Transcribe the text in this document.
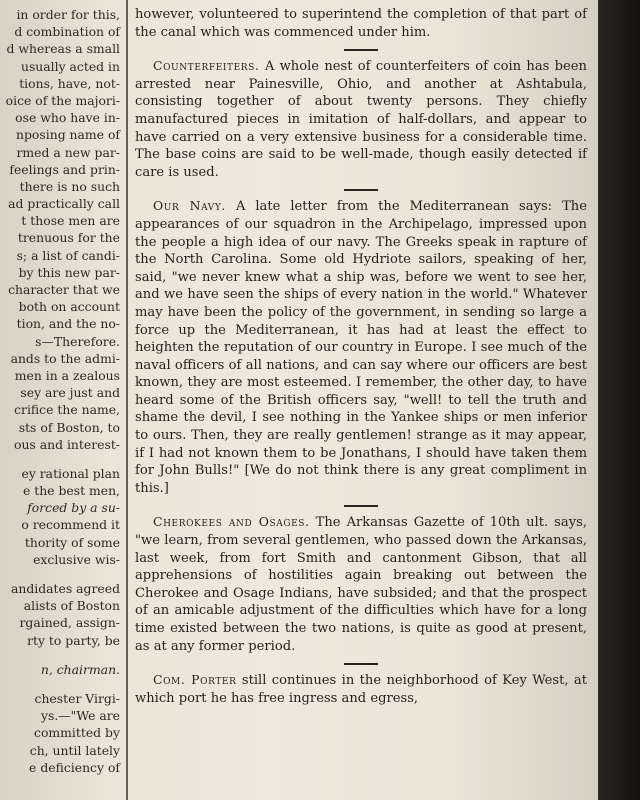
in order for this,
d combination of
d whereas a small
usually acted in
tions, have, not-
oice of the majori-
ose who have in-
nposing name of
rmed a new par-
feelings and prin-
there is no such
ad practically call
t those men are
trenuous for the
s; a list of candi-
by this new par-
character that we
both on account
tion, and the no-
s—Therefore.
ands to the admi-
men in a zealous
sey are just and
crifice the name,
sts of Boston, to
ous and interest-
ey rational plan
e the best men,
forced by a su-
o recommend it
thority of some
exclusive wis-
andidates agreed
alists of Boston
rgained, assign-
rty to party, be
n, chairman.
chester Virgi-
ys.—"We are
committed by
ch, until lately
e deficiency of

however, volunteered to superintend the completion of that part of the canal which was commenced under him.

Counterfeiters. A whole nest of counterfeiters of coin has been arrested near Painesville, Ohio, and another at Ashtabula, consisting together of about twenty persons. They chiefly manufactured pieces in imitation of half-dollars, and appear to have carried on a very extensive business for a considerable time. The base coins are said to be well-made, though easily detected if care is used.

Our Navy. A late letter from the Mediterranean says: The appearances of our squadron in the Archipelago, impressed upon the people a high idea of our navy. The Greeks speak in rapture of the North Carolina. Some old Hydriote sailors, speaking of her, said, "we never knew what a ship was, before we went to see her, and we have seen the ships of every nation in the world." Whatever may have been the policy of the government, in sending so large a force up the Mediterranean, it has had at least the effect to heighten the reputation of our country in Europe. I see much of the naval officers of all nations, and can say where our officers are best known, they are most esteemed. I remember, the other day, to have heard some of the British officers say, "well! to tell the truth and shame the devil, I see nothing in the Yankee ships or men inferior to ours. Then, they are really gentlemen! strange as it may appear, if I had not known them to be Jonathans, I should have taken them for John Bulls!" [We do not think there is any great compliment in this.]

Cherokees and Osages. The Arkansas Gazette of 10th ult. says, "we learn, from several gentlemen, who passed down the Arkansas, last week, from fort Smith and cantonment Gibson, that all apprehensions of hostilities again breaking out between the Cherokee and Osage Indians, have subsided; and that the prospect of an amicable adjustment of the difficulties which have for a long time existed between the two nations, is quite as good at present, as at any former period.

Com. Porter still continues in the neighborhood of Key West, at which port he has free ingress and egress,
